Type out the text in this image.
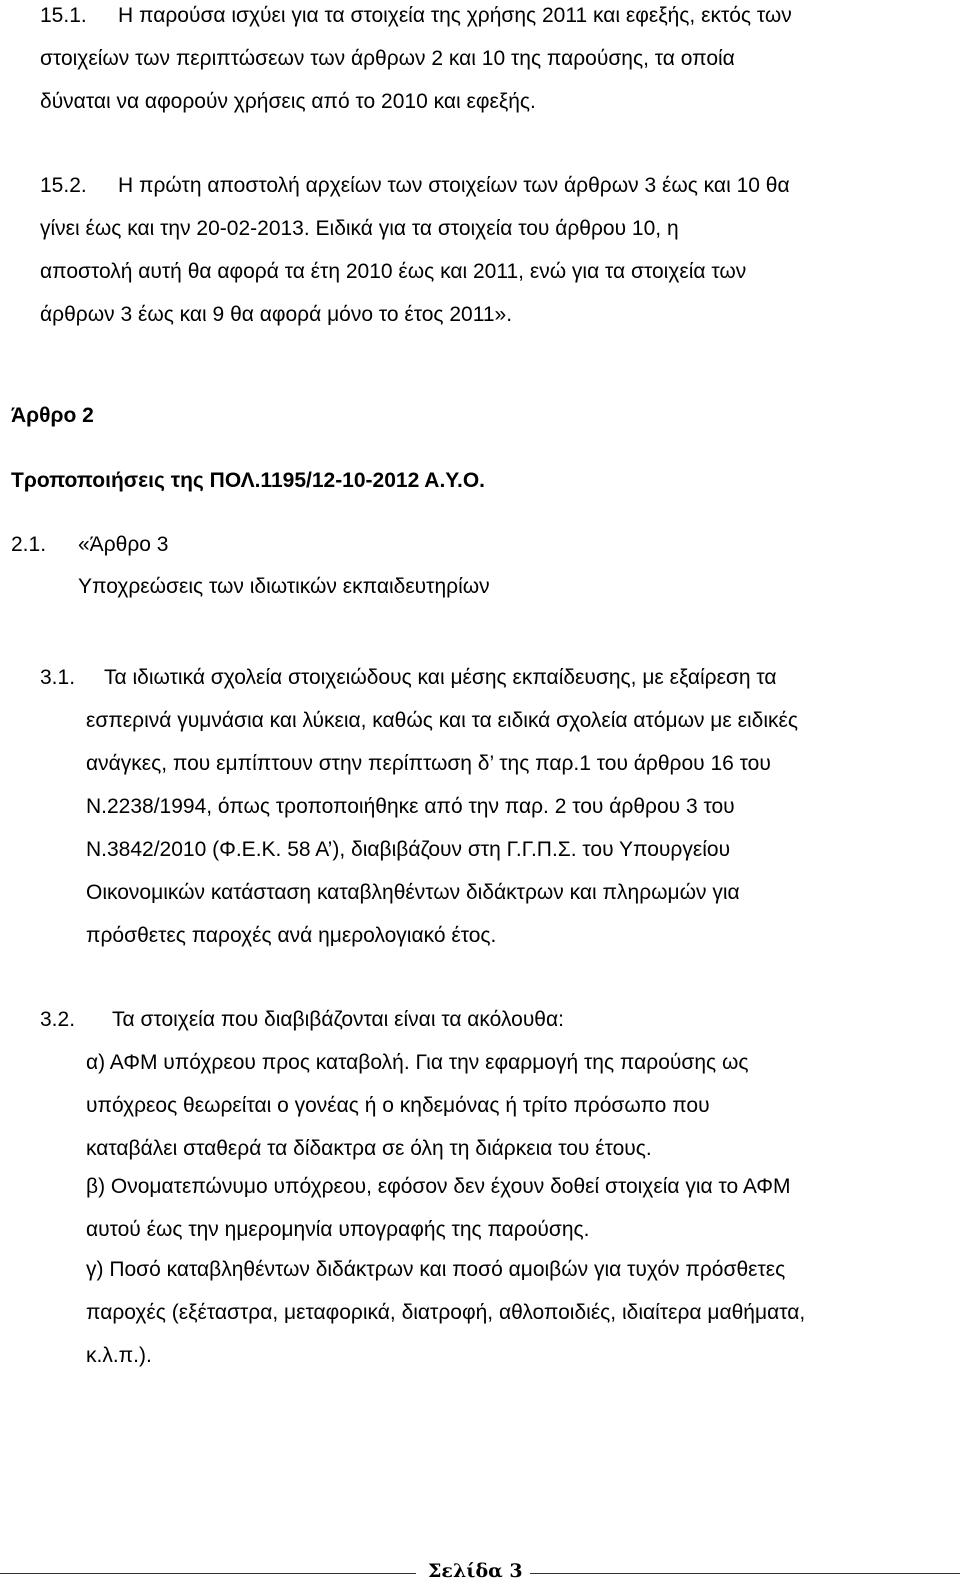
15.1. Η παρούσα ισχύει για τα στοιχεία της χρήσης 2011 και εφεξής, εκτός των
στοιχείων των περιπτώσεων των άρθρων 2 και 10 της παρούσης, τα οποία
δύναται να αφορούν χρήσεις από το 2010 και εφεξής.
15.2. Η πρώτη αποστολή αρχείων των στοιχείων των άρθρων 3 έως και 10 θα
γίνει έως και την 20-02-2013. Ειδικά για τα στοιχεία του άρθρου 10, η
αποστολή αυτή θα αφορά τα έτη 2010 έως και 2011, ενώ για τα στοιχεία των
άρθρων 3 έως και 9 θα αφορά μόνο το έτος 2011».
Άρθρο 2
Τροποποιήσεις της ΠΟΛ.1195/12-10-2012 Α.Υ.Ο.
2.1. «Άρθρο 3
Υποχρεώσεις των ιδιωτικών εκπαιδευτηρίων
3.1. Τα ιδιωτικά σχολεία στοιχειώδους και μέσης εκπαίδευσης, με εξαίρεση τα
εσπερινά γυμνάσια και λύκεια, καθώς και τα ειδικά σχολεία ατόμων με ειδικές
ανάγκες, που εμπίπτουν στην περίπτωση δ’ της παρ.1 του άρθρου 16 του
Ν.2238/1994, όπως τροποποιήθηκε από την παρ. 2 του άρθρου 3 του
Ν.3842/2010 (Φ.Ε.Κ. 58 Α’), διαβιβάζουν στη Γ.Γ.Π.Σ. του Υπουργείου
Οικονομικών κατάσταση καταβληθέντων διδάκτρων και πληρωμών για
πρόσθετες παροχές ανά ημερολογιακό έτος.
3.2. Τα στοιχεία που διαβιβάζονται είναι τα ακόλουθα:
α) ΑΦΜ υπόχρεου προς καταβολή. Για την εφαρμογή της παρούσης ως
υπόχρεος θεωρείται ο γονέας ή ο κηδεμόνας ή τρίτο πρόσωπο που
καταβάλει σταθερά τα δίδακτρα σε όλη τη διάρκεια του έτους.
β) Ονοματεπώνυμο υπόχρεου, εφόσον δεν έχουν δοθεί στοιχεία για το ΑΦΜ
αυτού έως την ημερομηνία υπογραφής της παρούσης.
γ) Ποσό καταβληθέντων διδάκτρων και ποσό αμοιβών για τυχόν πρόσθετες
παροχές (εξέταστρα, μεταφορικά, διατροφή, αθλοποιδιές, ιδιαίτερα μαθήματα,
κ.λ.π.).
Σελίδα 3
